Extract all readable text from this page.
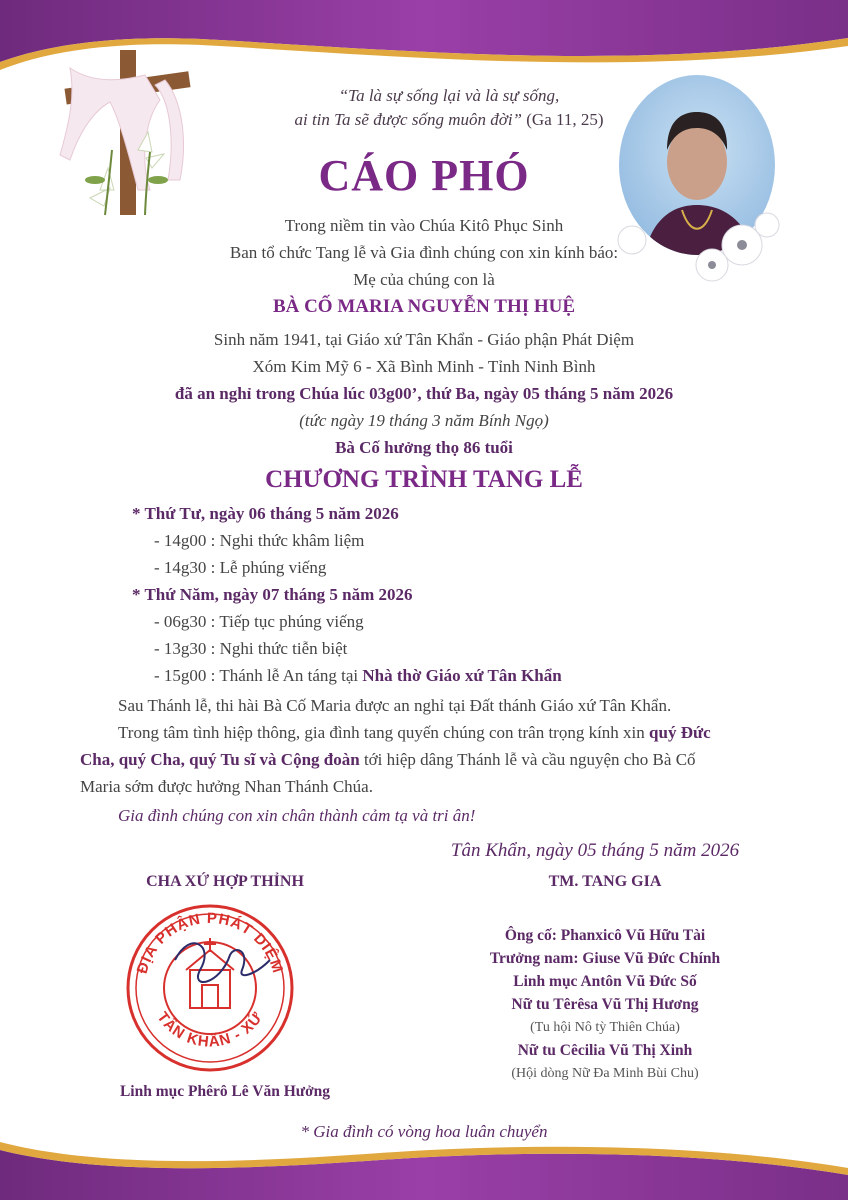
“Ta là sự sống lại và là sự sống,
ai tin Ta sẽ được sống muôn đời” (Ga 11, 25)
CÁO PHÓ
Trong niềm tin vào Chúa Kitô Phục Sinh
Ban tổ chức Tang lễ và Gia đình chúng con xin kính báo:
Mẹ của chúng con là
BÀ CỐ MARIA NGUYỄN THỊ HUỆ
Sinh năm 1941, tại Giáo xứ Tân Khẩn - Giáo phận Phát Diệm
Xóm Kim Mỹ 6 - Xã Bình Minh - Tỉnh Ninh Bình
đã an nghỉ trong Chúa lúc 03g00’, thứ Ba, ngày 05 tháng 5 năm 2026
(tức ngày 19 tháng 3 năm Bính Ngọ)
Bà Cố hưởng thọ 86 tuổi
CHƯƠNG TRÌNH TANG LỄ
* Thứ Tư, ngày 06 tháng 5 năm 2026
- 14g00 : Nghi thức khâm liệm
- 14g30 : Lễ phúng viếng
* Thứ Năm, ngày 07 tháng 5 năm 2026
- 06g30 : Tiếp tục phúng viếng
- 13g30 : Nghi thức tiễn biệt
- 15g00 : Thánh lễ An táng tại Nhà thờ Giáo xứ Tân Khẩn
Sau Thánh lễ, thi hài Bà Cố Maria được an nghỉ tại Đất thánh Giáo xứ Tân Khẩn.
Trong tâm tình hiệp thông, gia đình tang quyến chúng con trân trọng kính xin quý Đức
Cha, quý Cha, quý Tu sĩ và Cộng đoàn tới hiệp dâng Thánh lễ và cầu nguyện cho Bà Cố
Maria sớm được hưởng Nhan Thánh Chúa.
Gia đình chúng con xin chân thành cảm tạ và tri ân!
Tân Khẩn, ngày 05 tháng 5 năm 2026
CHA XỨ HỢP THỈNH
ĐỊA PHẬN PHÁT DIỆM
TÂN KHẨN - XỨ
Linh mục Phêrô Lê Văn Hưởng
TM. TANG GIA
Ông cố: Phanxicô Vũ Hữu Tài
Trưởng nam: Giuse Vũ Đức Chính
Linh mục Antôn Vũ Đức Số
Nữ tu Têrêsa Vũ Thị Hương
(Tu hội Nô tỳ Thiên Chúa)
Nữ tu Cêcilia Vũ Thị Xinh
(Hội dòng Nữ Đa Minh Bùi Chu)
* Gia đình có vòng hoa luân chuyển
